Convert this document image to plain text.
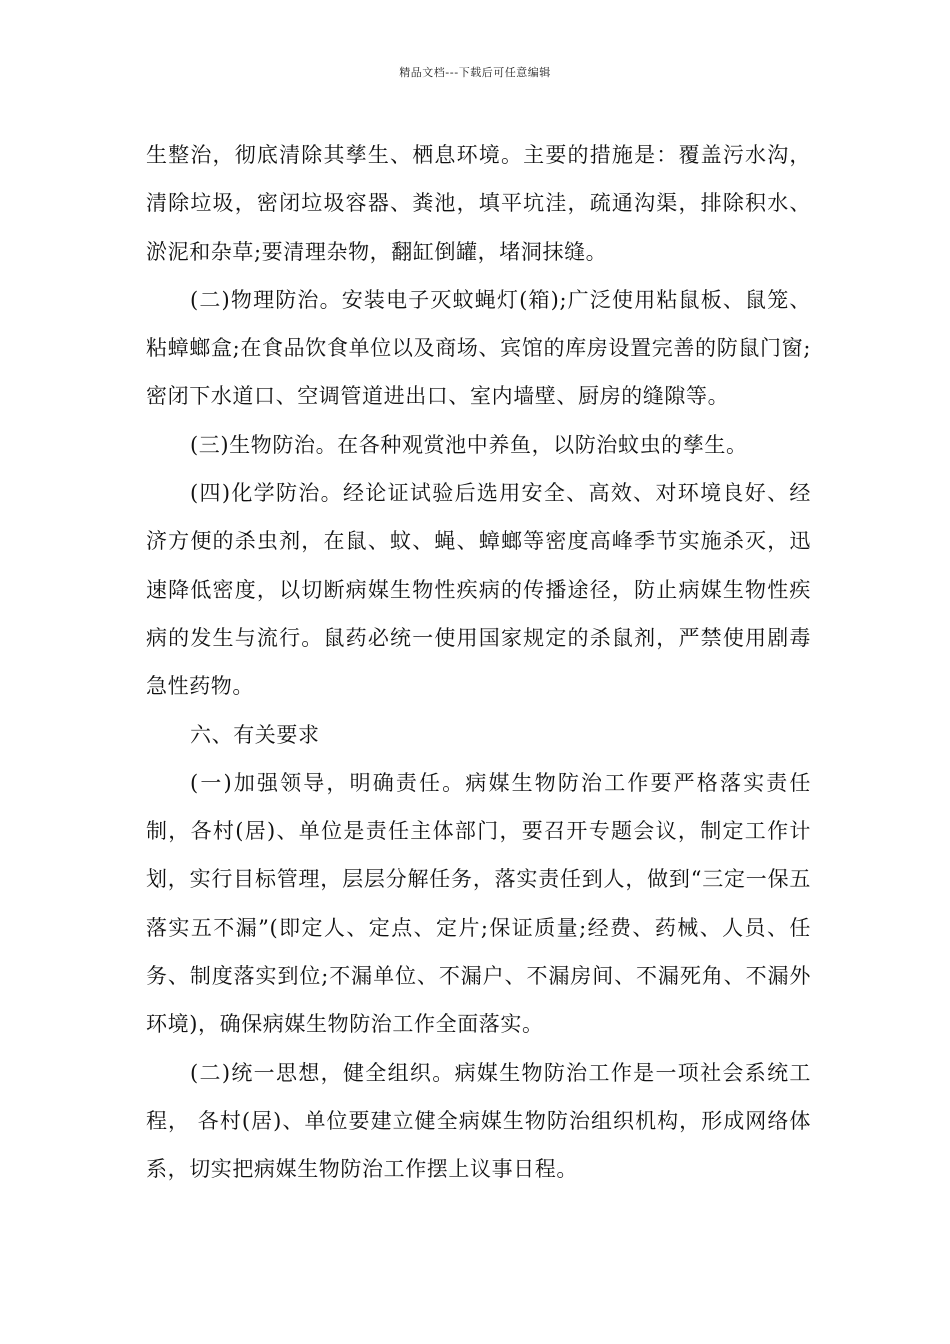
精品文档---下载后可任意编辑

生整治，彻底清除其孳生、栖息环境。主要的措施是：覆盖污水沟，清除垃圾，密闭垃圾容器、粪池，填平坑洼，疏通沟渠，排除积水、淤泥和杂草;要清理杂物，翻缸倒罐，堵洞抹缝。

(二)物理防治。安装电子灭蚊蝇灯(箱);广泛使用粘鼠板、鼠笼、粘蟑螂盒;在食品饮食单位以及商场、宾馆的库房设置完善的防鼠门窗;密闭下水道口、空调管道进出口、室内墙壁、厨房的缝隙等。

(三)生物防治。在各种观赏池中养鱼，以防治蚊虫的孳生。

(四)化学防治。经论证试验后选用安全、高效、对环境良好、经济方便的杀虫剂，在鼠、蚊、蝇、蟑螂等密度高峰季节实施杀灭，迅速降低密度，以切断病媒生物性疾病的传播途径，防止病媒生物性疾病的发生与流行。鼠药必统一使用国家规定的杀鼠剂，严禁使用剧毒急性药物。

六、有关要求

(一)加强领导，明确责任。病媒生物防治工作要严格落实责任制，各村(居)、单位是责任主体部门，要召开专题会议，制定工作计划，实行目标管理，层层分解任务，落实责任到人，做到“三定一保五落实五不漏”(即定人、定点、定片;保证质量;经费、药械、人员、任务、制度落实到位;不漏单位、不漏户、不漏房间、不漏死角、不漏外环境)，确保病媒生物防治工作全面落实。

(二)统一思想，健全组织。病媒生物防治工作是一项社会系统工程， 各村(居)、单位要建立健全病媒生物防治组织机构，形成网络体系，切实把病媒生物防治工作摆上议事日程。
